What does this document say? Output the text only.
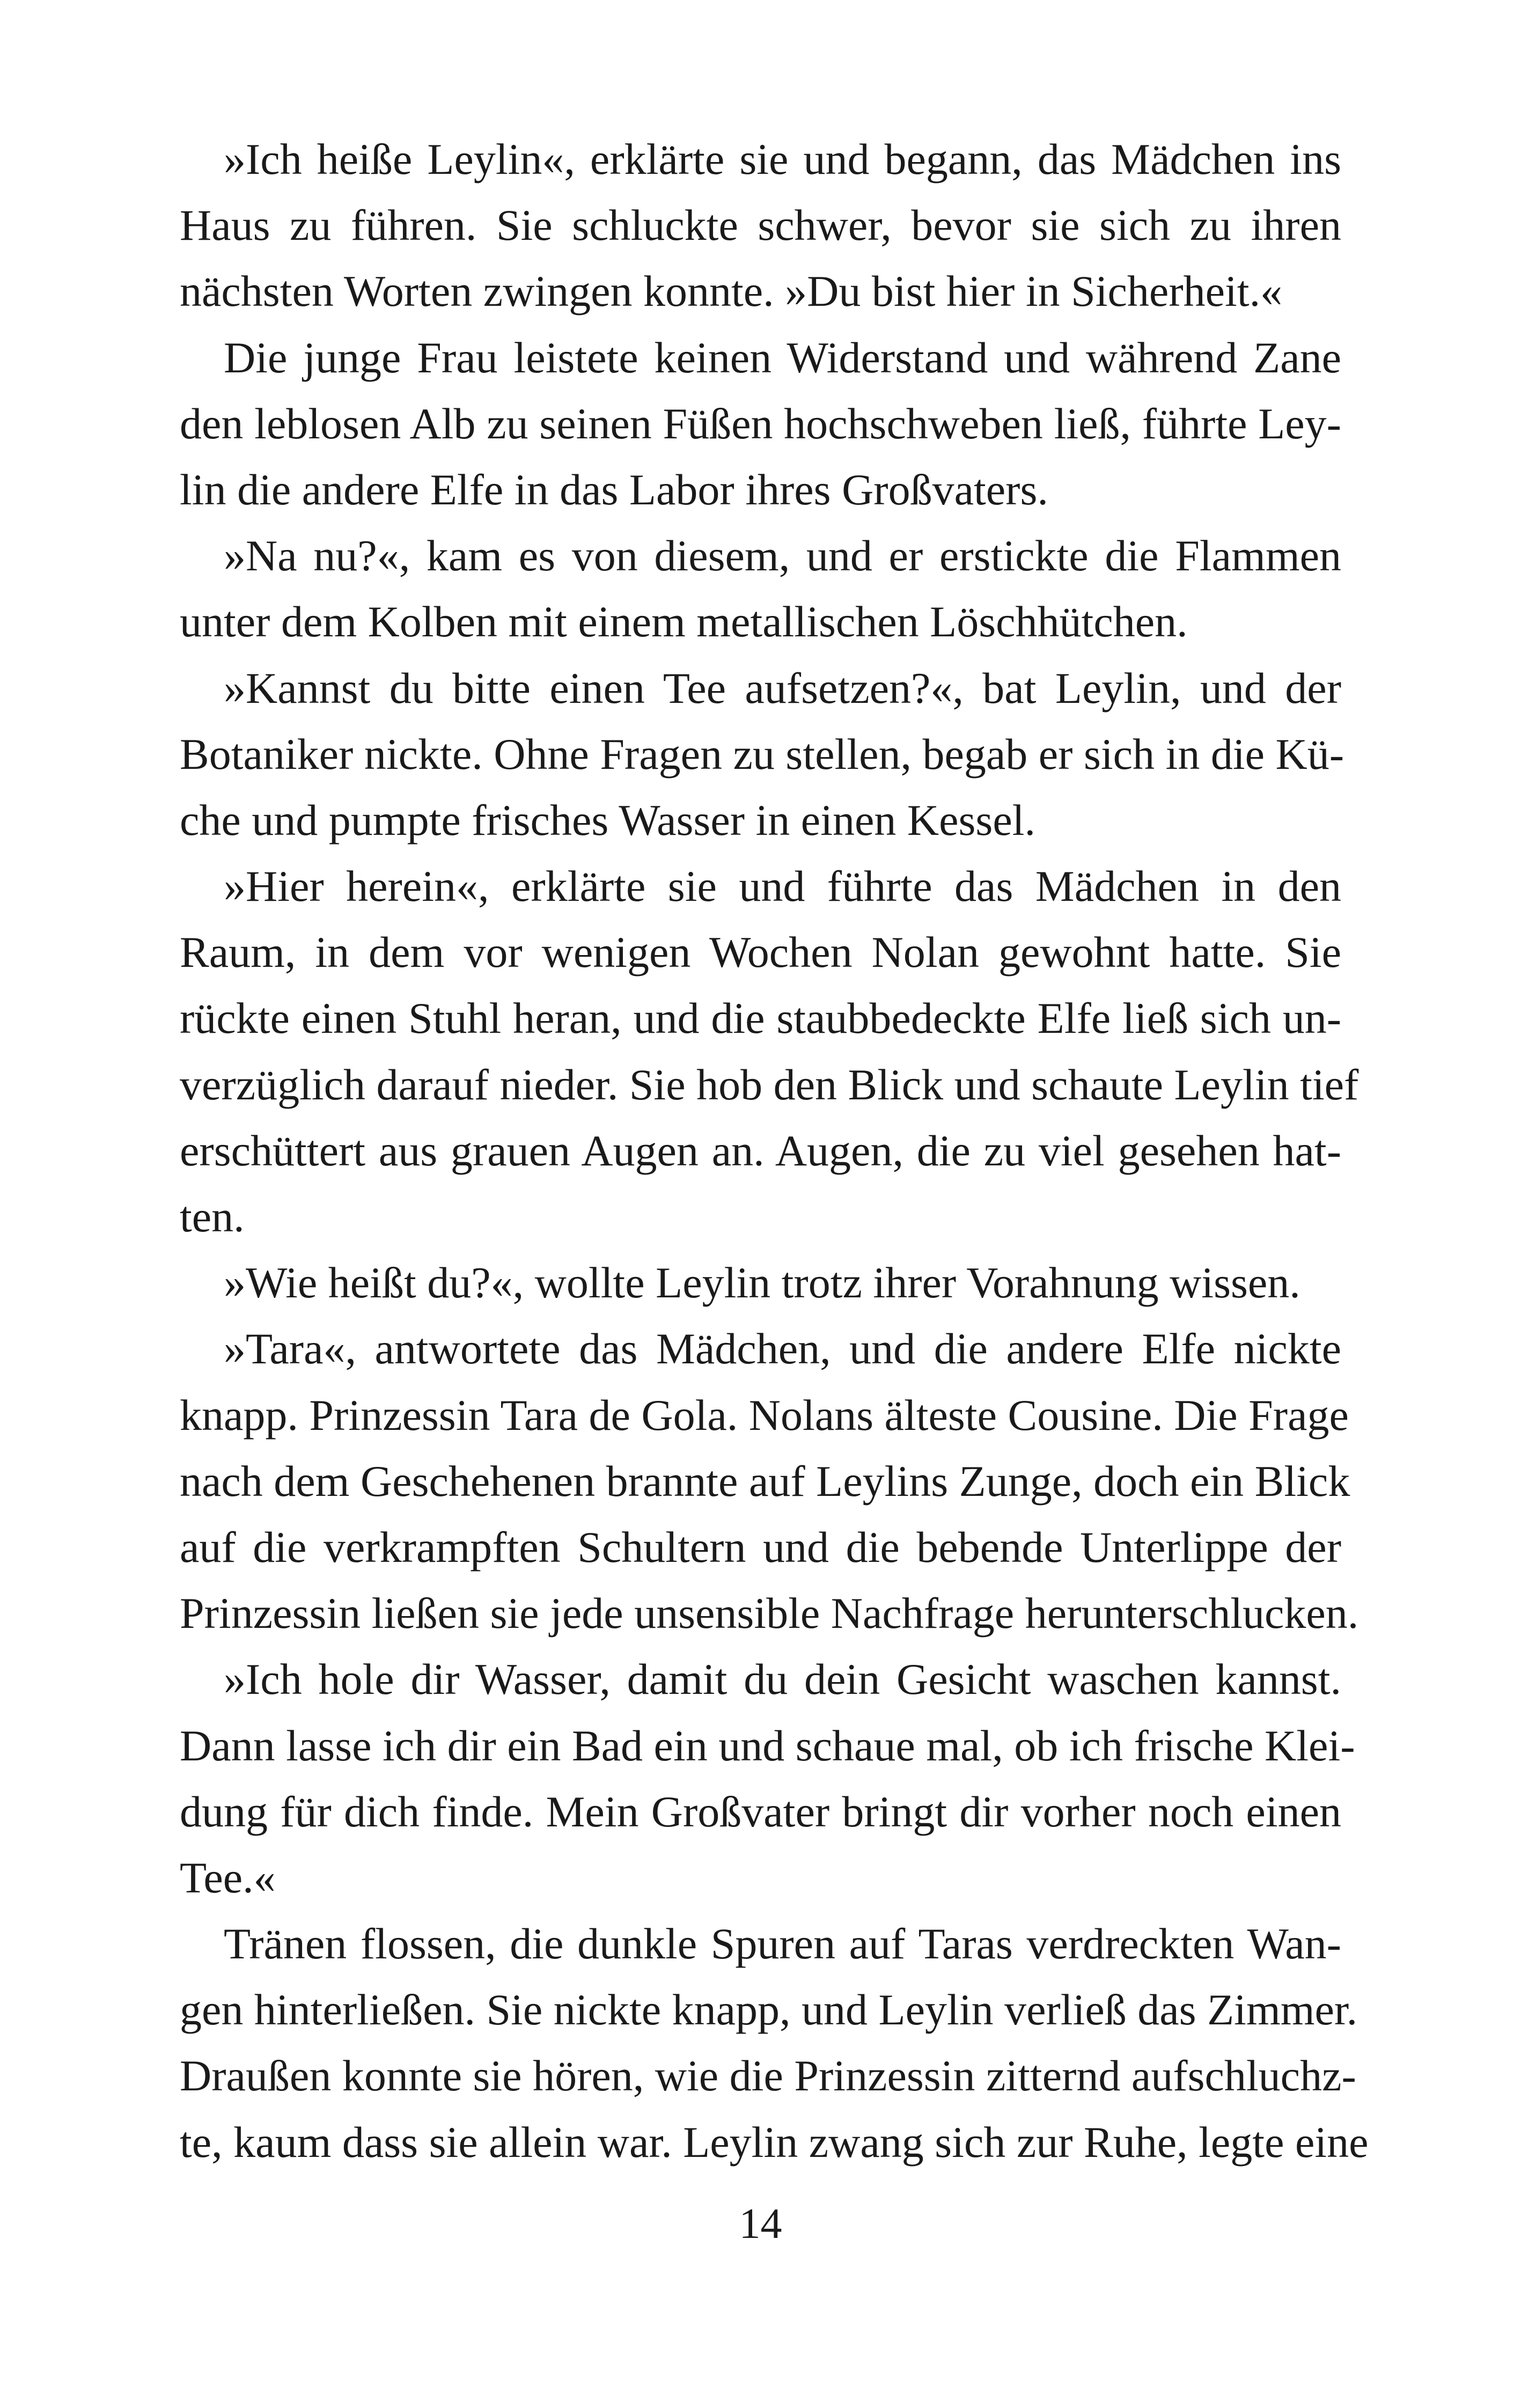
»Ich heiße Leylin«, erklärte sie und begann, das Mädchen ins
Haus zu führen. Sie schluckte schwer, bevor sie sich zu ihren
nächsten Worten zwingen konnte. »Du bist hier in Sicherheit.«
Die junge Frau leistete keinen Widerstand und während Zane
den leblosen Alb zu seinen Füßen hochschweben ließ, führte Ley-
lin die andere Elfe in das Labor ihres Großvaters.
»Na nu?«, kam es von diesem, und er erstickte die Flammen
unter dem Kolben mit einem metallischen Löschhütchen.
»Kannst du bitte einen Tee aufsetzen?«, bat Leylin, und der
Botaniker nickte. Ohne Fragen zu stellen, begab er sich in die Kü-
che und pumpte frisches Wasser in einen Kessel.
»Hier herein«, erklärte sie und führte das Mädchen in den
Raum, in dem vor wenigen Wochen Nolan gewohnt hatte. Sie
rückte einen Stuhl heran, und die staubbedeckte Elfe ließ sich un-
verzüglich darauf nieder. Sie hob den Blick und schaute Leylin tief
erschüttert aus grauen Augen an. Augen, die zu viel gesehen hat-
ten.
»Wie heißt du?«, wollte Leylin trotz ihrer Vorahnung wissen.
»Tara«, antwortete das Mädchen, und die andere Elfe nickte
knapp. Prinzessin Tara de Gola. Nolans älteste Cousine. Die Frage
nach dem Geschehenen brannte auf Leylins Zunge, doch ein Blick
auf die verkrampften Schultern und die bebende Unterlippe der
Prinzessin ließen sie jede unsensible Nachfrage herunterschlucken.
»Ich hole dir Wasser, damit du dein Gesicht waschen kannst.
Dann lasse ich dir ein Bad ein und schaue mal, ob ich frische Klei-
dung für dich finde. Mein Großvater bringt dir vorher noch einen
Tee.«
Tränen flossen, die dunkle Spuren auf Taras verdreckten Wan-
gen hinterließen. Sie nickte knapp, und Leylin verließ das Zimmer.
Draußen konnte sie hören, wie die Prinzessin zitternd aufschluchz-
te, kaum dass sie allein war. Leylin zwang sich zur Ruhe, legte eine
14
